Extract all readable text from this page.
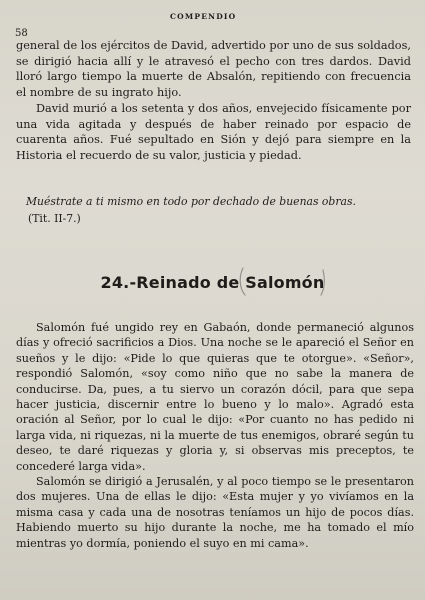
COMPENDIO
58

general de los ejércitos de David, advertido por uno de sus soldados, se dirigió hacia allí y le atravesó el pecho con tres dardos. David lloró largo tiempo la muerte de Absalón, repitiendo con frecuencia el nombre de su ingrato hijo.

David murió a los setenta y dos años, envejecido físicamente por una vida agitada y después de haber reinado por espacio de cuarenta años. Fué sepultado en Sión y dejó para siempre en la Historia el recuerdo de su valor, justicia y piedad.

Muéstrate a ti mismo en todo por dechado de buenas obras.
(Tit. II-7.)
24.-Reinado de Salomón

Salomón fué ungido rey en Gabaón, donde permaneció algunos días y ofreció sacrificios a Dios. Una noche se le apareció el Señor en sueños y le dijo: «Pide lo que quieras que te otorgue». «Señor», respondió Salomón, «soy como niño que no sabe la manera de conducirse. Da, pues, a tu siervo un corazón dócil, para que sepa hacer justicia, discernir entre lo bueno y lo malo». Agradó esta oración al Señor, por lo cual le dijo: «Por cuanto no has pedido ni larga vida, ni riquezas, ni la muerte de tus enemigos, obraré según tu deseo, te daré riquezas y gloria y, si observas mis preceptos, te concederé larga vida».

Salomón se dirigió a Jerusalén, y al poco tiempo se le presentaron dos mujeres. Una de ellas le dijo: «Esta mujer y yo vivíamos en la misma casa y cada una de nosotras teníamos un hijo de pocos días. Habiendo muerto su hijo durante la noche, me ha tomado el mío mientras yo dormía, poniendo el suyo en mi cama».
